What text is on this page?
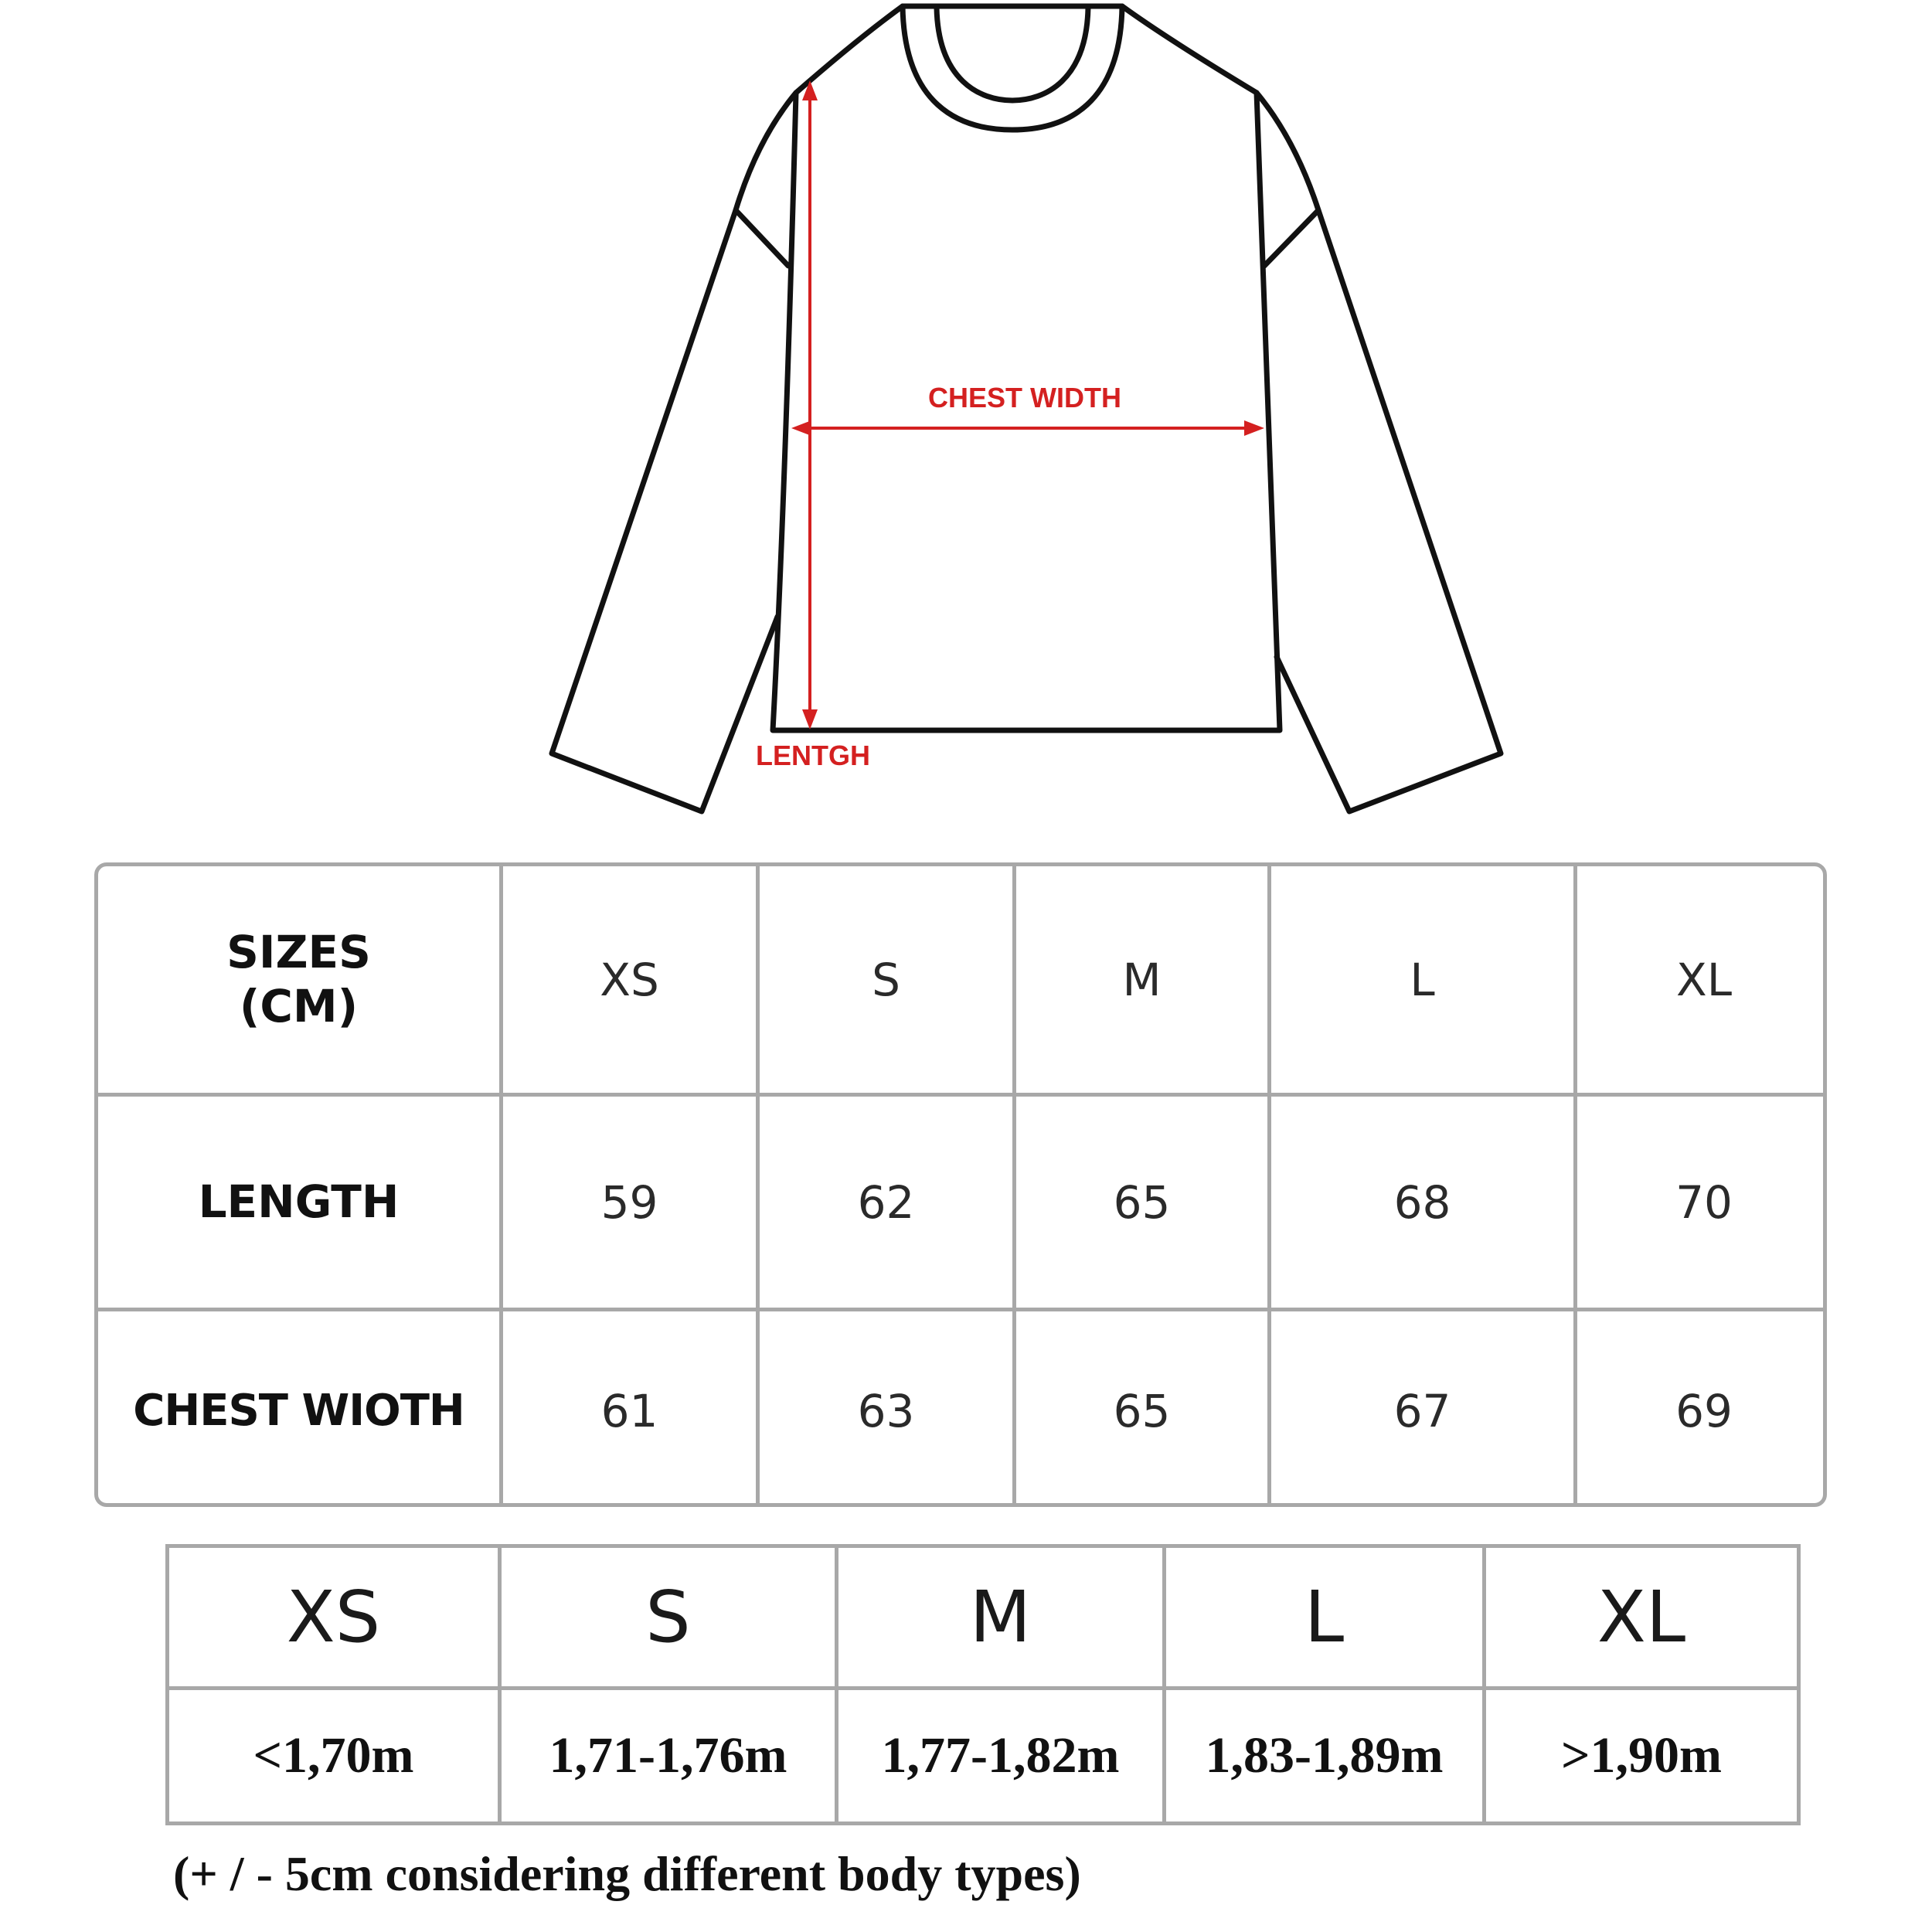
CHEST WIDTH
LENTGH
SIZES
(CM)	XS	S	M	L	XL
LENGTH	59	62	65	68	70
CHEST WIOTH	61	63	65	67	69
XS	S	M	L	XL
<1,70m	1,71-1,76m	1,77-1,82m	1,83-1,89m	>1,90m
(+ / - 5cm considering different body types)
